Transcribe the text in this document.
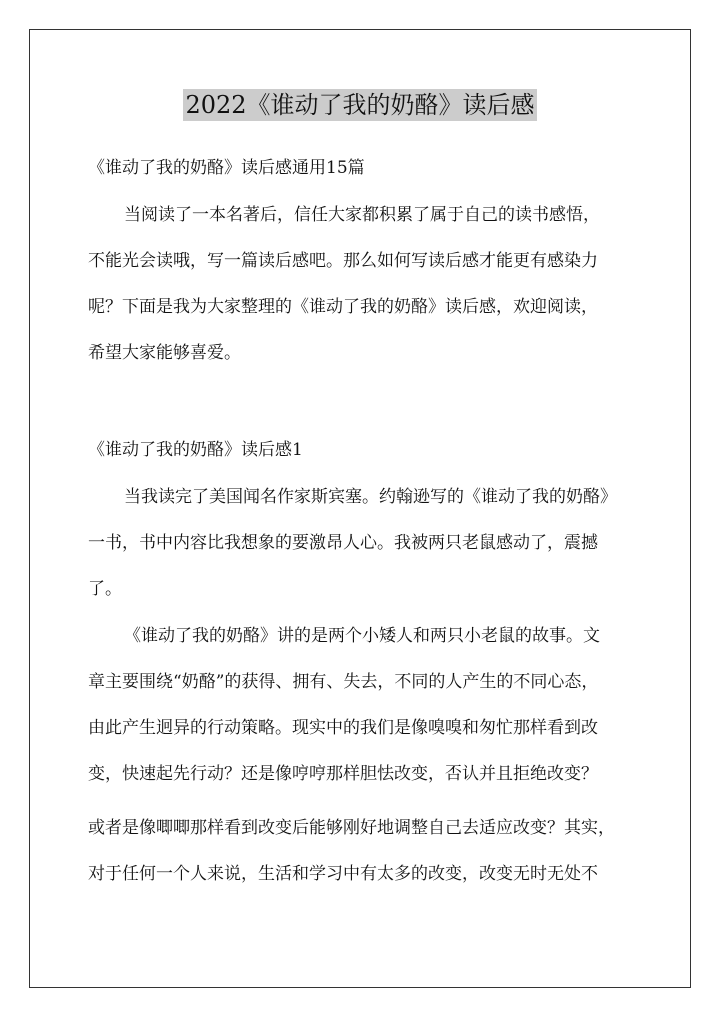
2022《谁动了我的奶酪》读后感
《谁动了我的奶酪》读后感通用15篇
当阅读了一本名著后，信任大家都积累了属于自己的读书感悟，
不能光会读哦，写一篇读后感吧。那么如何写读后感才能更有感染力
呢？下面是我为大家整理的《谁动了我的奶酪》读后感，欢迎阅读，
希望大家能够喜爱。
《谁动了我的奶酪》读后感1
当我读完了美国闻名作家斯宾塞。约翰逊写的《谁动了我的奶酪》
一书，书中内容比我想象的要激昂人心。我被两只老鼠感动了，震撼
了。
《谁动了我的奶酪》讲的是两个小矮人和两只小老鼠的故事。文
章主要围绕“奶酪”的获得、拥有、失去，不同的人产生的不同心态，
由此产生迥异的行动策略。现实中的我们是像嗅嗅和匆忙那样看到改
变，快速起先行动？还是像哼哼那样胆怯改变，否认并且拒绝改变？
或者是像唧唧那样看到改变后能够刚好地调整自己去适应改变？其实，
对于任何一个人来说，生活和学习中有太多的改变，改变无时无处不
